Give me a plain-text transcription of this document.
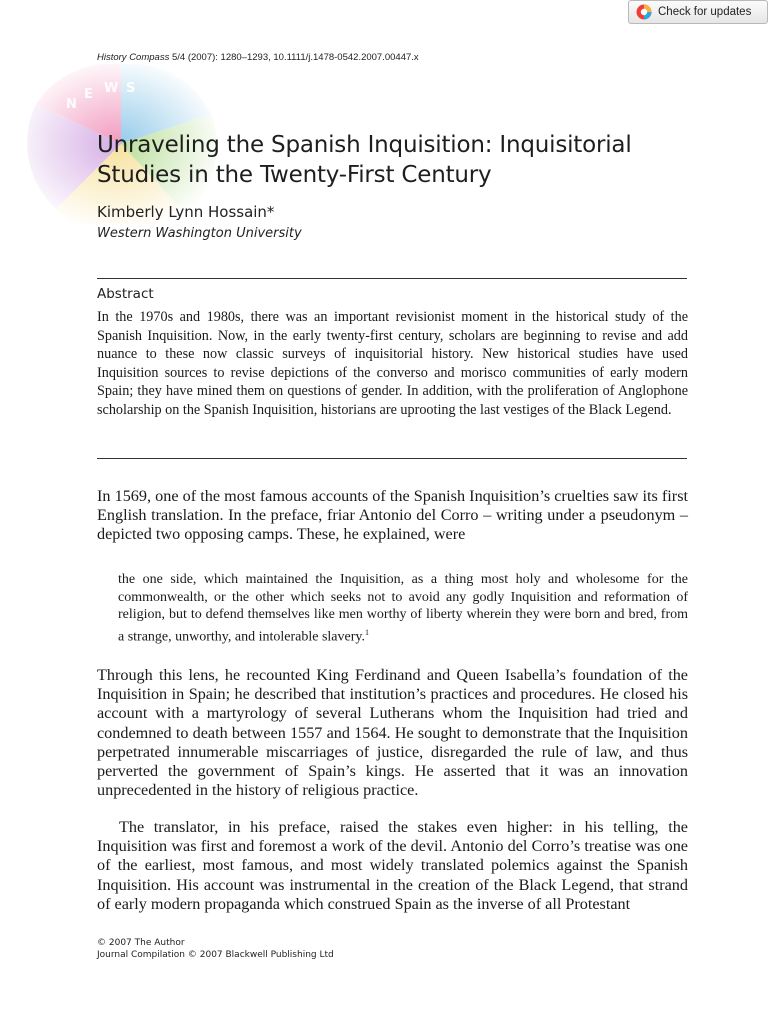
Check for updates
History Compass 5/4 (2007): 1280–1293, 10.1111/j.1478-0542.2007.00447.x
N
E W S
Unraveling the Spanish Inquisition: Inquisitorial Studies in the Twenty-First Century
Kimberly Lynn Hossain*
Western Washington University
Abstract

In the 1970s and 1980s, there was an important revisionist moment in the historical study of the Spanish Inquisition. Now, in the early twenty-first century, scholars are beginning to revise and add nuance to these now classic surveys of inquisitorial history. New historical studies have used Inquisition sources to revise depictions of the converso and morisco communities of early modern Spain; they have mined them on questions of gender. In addition, with the proliferation of Anglophone scholarship on the Spanish Inquisition, historians are uprooting the last vestiges of the Black Legend.

In 1569, one of the most famous accounts of the Spanish Inquisition’s cruelties saw its first English translation. In the preface, friar Antonio del Corro – writing under a pseudonym – depicted two opposing camps. These, he explained, were

the one side, which maintained the Inquisition, as a thing most holy and wholesome for the commonwealth, or the other which seeks not to avoid any godly Inquisition and reformation of religion, but to defend themselves like men worthy of liberty wherein they were born and bred, from a strange, unworthy, and intolerable slavery.$^1$

Through this lens, he recounted King Ferdinand and Queen Isabella’s foundation of the Inquisition in Spain; he described that institution’s practices and procedures. He closed his account with a martyrology of several Lutherans whom the Inquisition had tried and condemned to death between 1557 and 1564. He sought to demonstrate that the Inquisition perpetrated innumerable miscarriages of justice, disregarded the rule of law, and thus perverted the government of Spain’s kings. He asserted that it was an innovation unprecedented in the history of religious practice.

The translator, in his preface, raised the stakes even higher: in his telling, the Inquisition was first and foremost a work of the devil. Antonio del Corro’s treatise was one of the earliest, most famous, and most widely translated polemics against the Spanish Inquisition. His account was instrumental in the creation of the Black Legend, that strand of early modern propaganda which construed Spain as the inverse of all Protestant

© 2007 The Author
Journal Compilation © 2007 Blackwell Publishing Ltd
